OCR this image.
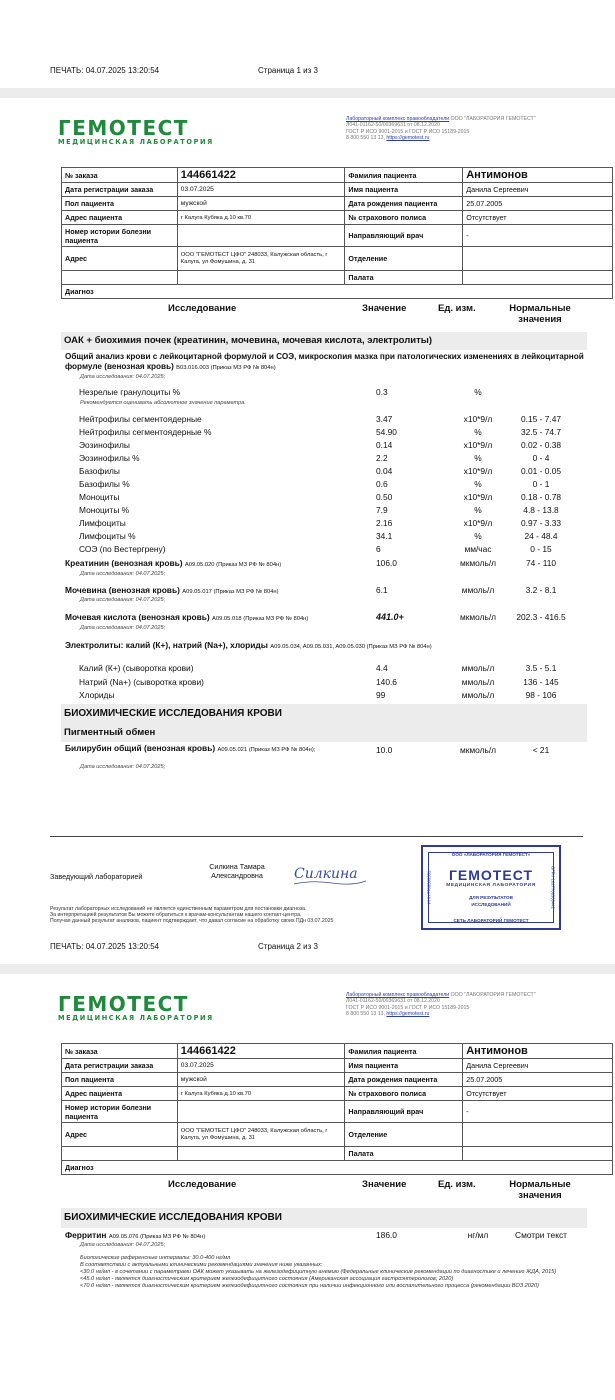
ПЕЧАТЬ: 04.07.2025 13:20:54	Страница 1 из 3
ГЕМОТЕСТ
МЕДИЦИНСКАЯ ЛАБОРАТОРИЯ
Лабораторный комплекс правообладатели ООО "ЛАБОРАТОРИЯ ГЕМОТЕСТ"
Л041-01162-50/00369631 от 08.12.2020
ГОСТ Р ИСО 9001-2015 и ГОСТ Р ИСО 15189-2015
8 800 550 13 13, https://gemotest.ru
№ заказа	144661422	Фамилия пациента	Антимонов
Дата регистрации заказа	03.07.2025	Имя пациента	Данила Сергеевич
Пол пациента	мужской	Дата рождения пациента	25.07.2005
Адрес пациента	г Калуга Кубяка д.10 кв.70	№ страхового полиса	Отсутствует
Номер истории болезни пациента		Направляющий врач	-
Адрес	ООО "ГЕМОТЕСТ ЦФО" 248033, Калужская область, г Калуга, ул Фомушина, д. 31	Отделение	
		Палата	
Диагноз			
Исследование	Значение	Ед. изм.	Нормальные значения
ОАК + биохимия почек (креатинин, мочевина, мочевая кислота, электролиты)
Общий анализ крови с лейкоцитарной формулой и СОЭ, микроскопия мазка при патологических изменениях в лейкоцитарной формуле (венозная кровь) B03.016.003 (Приказ МЗ РФ № 804н)
Дата исследования: 04.07.2025;
Незрелые гранулоциты %	0.3	%
Рекомендуется оценивать абсолютное значение параметра.
Нейтрофилы сегментоядерные	3.47	x10*9/л	0.15 - 7.47
Нейтрофилы сегментоядерные %	54.90	%	32.5 - 74.7
Эозинофилы	0.14	x10*9/л	0.02 - 0.38
Эозинофилы %	2.2	%	0 - 4
Базофилы	0.04	x10*9/л	0.01 - 0.05
Базофилы %	0.6	%	0 - 1
Моноциты	0.50	x10*9/л	0.18 - 0.78
Моноциты %	7.9	%	4.8 - 13.8
Лимфоциты	2.16	x10*9/л	0.97 - 3.33
Лимфоциты %	34.1	%	24 - 48.4
СОЭ (по Вестергрену)	6	мм/час	0 - 15
Креатинин (венозная кровь) A09.05.020 (Приказ МЗ РФ № 804н)	106.0	мкмоль/л	74 - 110
Дата исследования: 04.07.2025;
Мочевина (венозная кровь) A09.05.017 (Приказ МЗ РФ № 804н)	6.1	ммоль/л	3.2 - 8.1
Дата исследования: 04.07.2025;
Мочевая кислота (венозная кровь) A09.05.018 (Приказ МЗ РФ № 804н)	441.0+	мкмоль/л	202.3 - 416.5
Дата исследования: 04.07.2025;
Электролиты: калий (К+), натрий (Na+), хлориды A09.05.034, A09.05.031, A09.05.030 (Приказ МЗ РФ № 804н)
Калий (К+) (сыворотка крови)	4.4	ммоль/л	3.5 - 5.1
Натрий (Na+) (сыворотка крови)	140.6	ммоль/л	136 - 145
Хлориды	99	ммоль/л	98 - 106
БИОХИМИЧЕСКИЕ ИССЛЕДОВАНИЯ КРОВИ
Пигментный обмен
Билирубин общий (венозная кровь) A09.05.021 (Приказ МЗ РФ № 804н);	10.0	мкмоль/л	< 21
Дата исследования: 04.07.2025;
Заведующий лабораторией
Силкина Тамара Александровна	Силкина
Результат лабораторных исследований не является единственным параметром для постановки диагноза.
За интерпретацией результатов Вы можете обратиться к врачам-консультантам нашего контакт-центра.
Получая данный результат анализов, пациент подтверждает, что давал согласие на обработку своих ПДн 03.07.2025
ООО «ЛАБОРАТОРИЯ ГЕМОТЕСТ»
ГЕМОТЕСТ
МЕДИЦИНСКАЯ ЛАБОРАТОРИЯ
ДЛЯ РЕЗУЛЬТАТОВ
ИССЛЕДОВАНИЙ
СЕТЬ ЛАБОРАТОРИЙ ГЕМОТЕСТ
ИНН 7708583531	ОГРН 1027700500442
ПЕЧАТЬ: 04.07.2025 13:20:54	Страница 2 из 3
ГЕМОТЕСТ
МЕДИЦИНСКАЯ ЛАБОРАТОРИЯ
Лабораторный комплекс правообладатели ООО "ЛАБОРАТОРИЯ ГЕМОТЕСТ"
Л041-01162-50/00369631 от 08.12.2020
ГОСТ Р ИСО 9001-2015 и ГОСТ Р ИСО 15189-2015
8 800 550 13 13, https://gemotest.ru
№ заказа	144661422	Фамилия пациента	Антимонов
Дата регистрации заказа	03.07.2025	Имя пациента	Данила Сергеевич
Пол пациента	мужской	Дата рождения пациента	25.07.2005
Адрес пациента	г Калуга Кубяка д.10 кв.70	№ страхового полиса	Отсутствует
Номер истории болезни пациента		Направляющий врач	-
Адрес	ООО "ГЕМОТЕСТ ЦФО" 248033, Калужская область, г Калуга, ул Фомушина, д. 31	Отделение	
		Палата	
Диагноз			
Исследование	Значение	Ед. изм.	Нормальные значения
БИОХИМИЧЕСКИЕ ИССЛЕДОВАНИЯ КРОВИ
Ферритин A09.05.076 (Приказ МЗ РФ № 804н)	186.0	нг/мл	Смотри текст
Дата исследования: 04.07.2025;
Биологические референсные интервалы: 30.0-400 нг/мл
В соответствии с актуальными клиническими рекомендациями значения ниже указанных:
<30.0 нг/мл - в сочетании с параметрами ОАК может указывать на железодефицитную анемию (Федеральные клинические рекомендации по диагностике и лечению ЖДА, 2015)
<45.0 нг/мл - является диагностическим критерием железодефицитного состояния (Американская ассоциация гастроэнтерологов, 2020)
<70.0 нг/мл - является диагностическим критерием железодефицитного состояния при наличии инфекционного или воспалительного процесса (рекомендации ВОЗ 2020)
